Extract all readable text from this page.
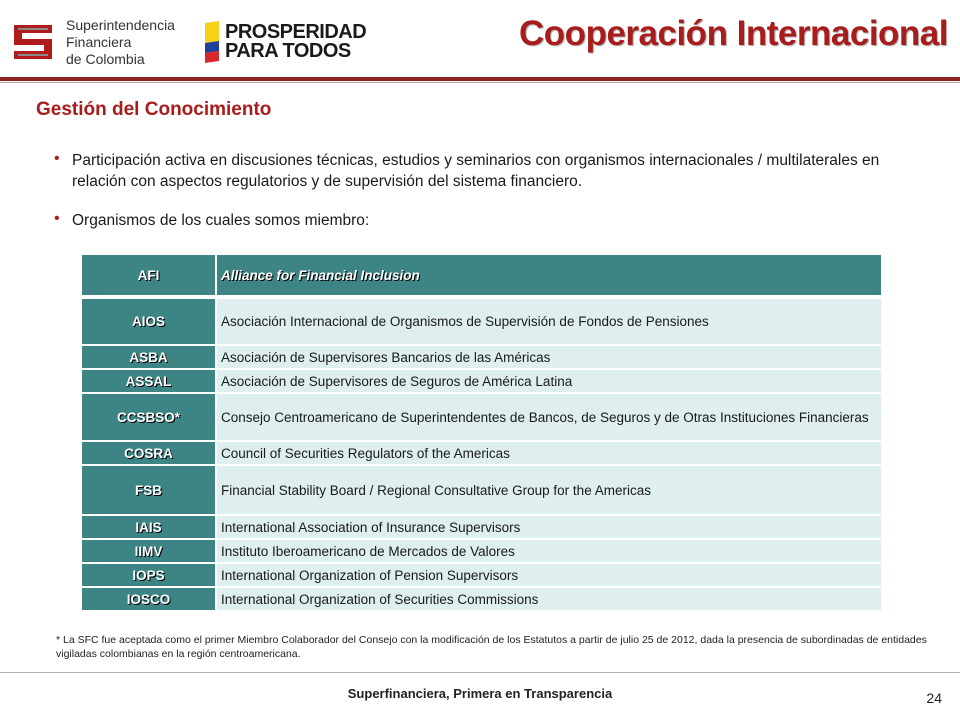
Superintendencia
Financiera
de Colombia
PROSPERIDAD
PARA TODOS	Cooperación Internacional
Gestión del Conocimiento
• Participación activa en discusiones técnicas, estudios y seminarios con organismos internacionales / multilaterales en relación con aspectos regulatorios y de supervisión del sistema financiero.
• Organismos de los cuales somos miembro:
AFI	Alliance for Financial Inclusion
AIOS	Asociación Internacional de Organismos de Supervisión de Fondos de Pensiones
ASBA	Asociación de Supervisores Bancarios de las Américas
ASSAL	Asociación de Supervisores de Seguros de América Latina
CCSBSO*	Consejo Centroamericano de Superintendentes de Bancos, de Seguros y de Otras Instituciones Financieras
COSRA	Council of Securities Regulators of the Americas
FSB	Financial Stability Board / Regional Consultative Group for the Americas
IAIS	International Association of Insurance Supervisors
IIMV	Instituto Iberoamericano de Mercados de Valores
IOPS	International Organization of Pension Supervisors
IOSCO	International Organization of Securities Commissions
* La SFC fue aceptada como el primer Miembro Colaborador del Consejo con la modificación de los Estatutos a partir de julio 25 de 2012, dada la presencia de subordinadas de entidades vigiladas colombianas en la región centroamericana.
Superfinanciera, Primera en Transparencia	24
